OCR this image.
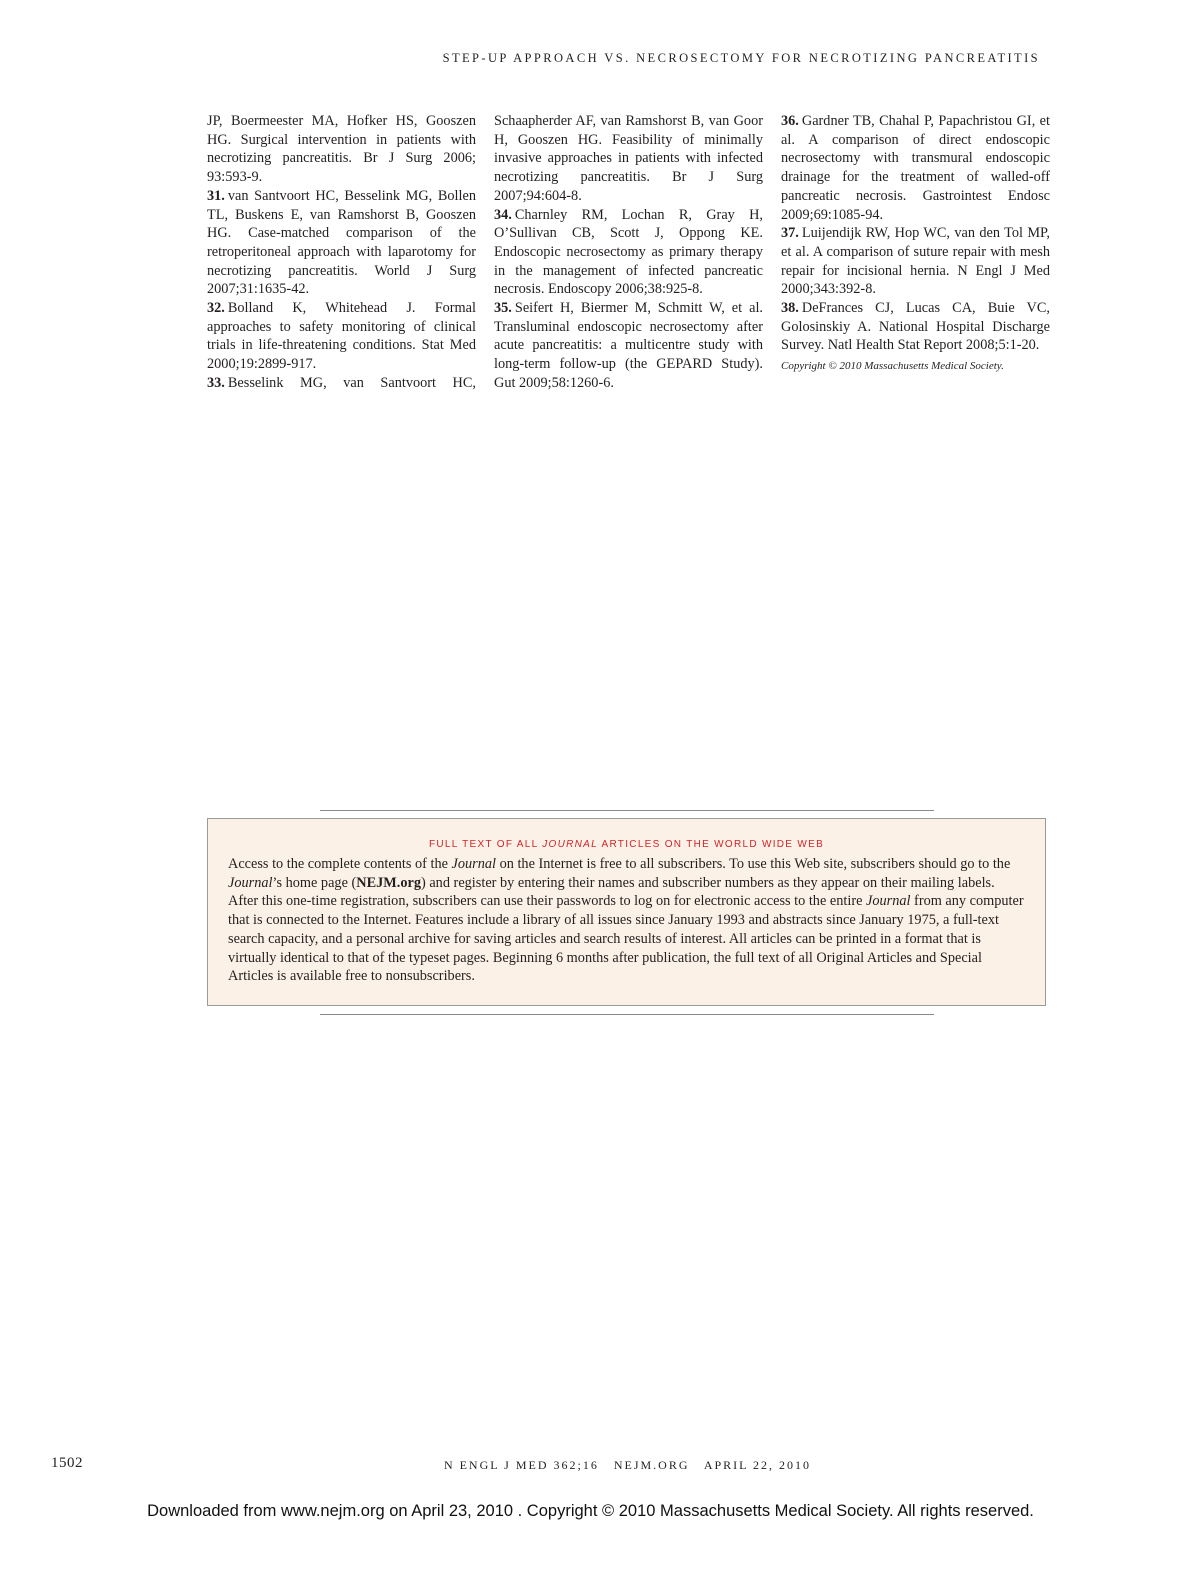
STEP-UP APPROACH VS. NECROSECTOMY FOR NECROTIZING PANCREATITIS

JP, Boermeester MA, Hofker HS, Gooszen HG. Surgical intervention in patients with necrotizing pancreatitis. Br J Surg 2006; 93:593-9.

31. van Santvoort HC, Besselink MG, Bollen TL, Buskens E, van Ramshorst B, Gooszen HG. Case-matched comparison of the retroperitoneal approach with laparotomy for necrotizing pancreatitis. World J Surg 2007;31:1635-42.

32. Bolland K, Whitehead J. Formal approaches to safety monitoring of clinical trials in life-threatening conditions. Stat Med 2000;19:2899-917.

33. Besselink MG, van Santvoort HC,

Schaapherder AF, van Ramshorst B, van Goor H, Gooszen HG. Feasibility of minimally invasive approaches in patients with infected necrotizing pancreatitis. Br J Surg 2007;94:604-8.

34. Charnley RM, Lochan R, Gray H, O’Sullivan CB, Scott J, Oppong KE. Endoscopic necrosectomy as primary therapy in the management of infected pancreatic necrosis. Endoscopy 2006;38:925-8.

35. Seifert H, Biermer M, Schmitt W, et al. Transluminal endoscopic necrosectomy after acute pancreatitis: a multicentre study with long-term follow-up (the GEPARD Study). Gut 2009;58:1260-6.

36. Gardner TB, Chahal P, Papachristou GI, et al. A comparison of direct endoscopic necrosectomy with transmural endoscopic drainage for the treatment of walled-off pancreatic necrosis. Gastrointest Endosc 2009;69:1085-94.

37. Luijendijk RW, Hop WC, van den Tol MP, et al. A comparison of suture repair with mesh repair for incisional hernia. N Engl J Med 2000;343:392-8.

38. DeFrances CJ, Lucas CA, Buie VC, Golosinskiy A. National Hospital Discharge Survey. Natl Health Stat Report 2008;5:1-20.

Copyright © 2010 Massachusetts Medical Society.

FULL TEXT OF ALL JOURNAL ARTICLES ON THE WORLD WIDE WEB

Access to the complete contents of the Journal on the Internet is free to all subscribers. To use this Web site, subscribers should go to the Journal’s home page (NEJM.org) and register by entering their names and subscriber numbers as they appear on their mailing labels. After this one-time registration, subscribers can use their passwords to log on for electronic access to the entire Journal from any computer that is connected to the Internet. Features include a library of all issues since January 1993 and abstracts since January 1975, a full-text search capacity, and a personal archive for saving articles and search results of interest. All articles can be printed in a format that is virtually identical to that of the typeset pages. Beginning 6 months after publication, the full text of all Original Articles and Special Articles is available free to nonsubscribers.

1502	N ENGL J MED 362;16   NEJM.ORG   APRIL 22, 2010
Downloaded from www.nejm.org on April 23, 2010 . Copyright © 2010 Massachusetts Medical Society. All rights reserved.
